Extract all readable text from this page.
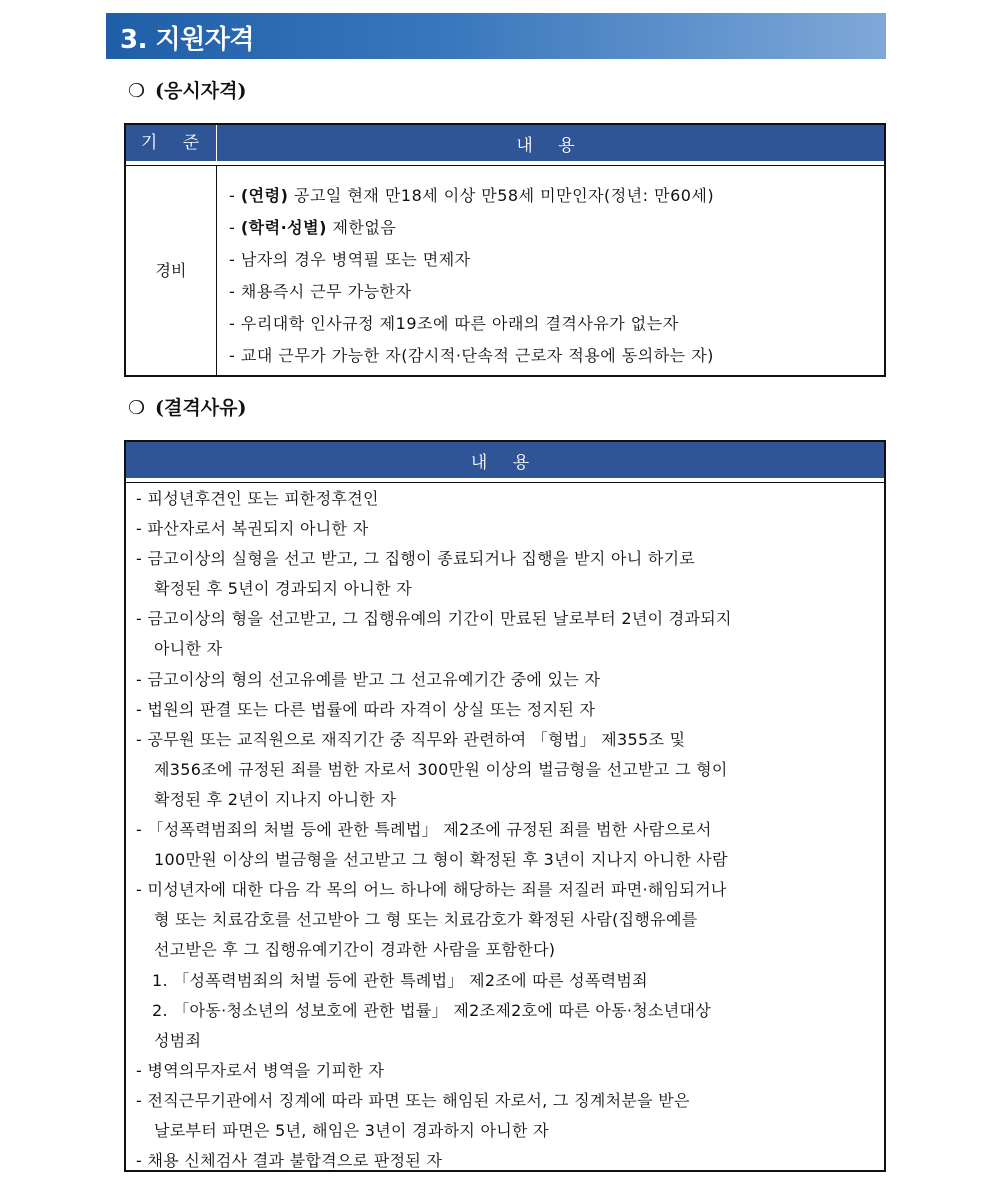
3. 지원자격
❍ (응시자격)
기 준	내 용
경비
- (연령) 공고일 현재 만18세 이상 만58세 미만인자(정년: 만60세)
- (학력·성별) 제한없음
- 남자의 경우 병역필 또는 면제자
- 채용즉시 근무 가능한자
- 우리대학 인사규정 제19조에 따른 아래의 결격사유가 없는자
- 교대 근무가 가능한 자(감시적·단속적 근로자 적용에 동의하는 자)
❍ (결격사유)
내 용
- 피성년후견인 또는 피한정후견인
- 파산자로서 복권되지 아니한 자
- 금고이상의 실형을 선고 받고, 그 집행이 종료되거나 집행을 받지 아니 하기로
확정된 후 5년이 경과되지 아니한 자
- 금고이상의 형을 선고받고, 그 집행유예의 기간이 만료된 날로부터 2년이 경과되지
아니한 자
- 금고이상의 형의 선고유예를 받고 그 선고유예기간 중에 있는 자
- 법원의 판결 또는 다른 법률에 따라 자격이 상실 또는 정지된 자
- 공무원 또는 교직원으로 재직기간 중 직무와 관련하여 「형법」 제355조 및
제356조에 규정된 죄를 범한 자로서 300만원 이상의 벌금형을 선고받고 그 형이
확정된 후 2년이 지나지 아니한 자
- 「성폭력범죄의 처벌 등에 관한 특례법」 제2조에 규정된 죄를 범한 사람으로서
100만원 이상의 벌금형을 선고받고 그 형이 확정된 후 3년이 지나지 아니한 사람
- 미성년자에 대한 다음 각 목의 어느 하나에 해당하는 죄를 저질러 파면·해임되거나
형 또는 치료감호를 선고받아 그 형 또는 치료감호가 확정된 사람(집행유예를
선고받은 후 그 집행유예기간이 경과한 사람을 포함한다)
1. 「성폭력범죄의 처벌 등에 관한 특례법」 제2조에 따른 성폭력범죄
2. 「아동·청소년의 성보호에 관한 법률」 제2조제2호에 따른 아동·청소년대상
성범죄
- 병역의무자로서 병역을 기피한 자
- 전직근무기관에서 징계에 따라 파면 또는 해임된 자로서, 그 징계처분을 받은
날로부터 파면은 5년, 해임은 3년이 경과하지 아니한 자
- 채용 신체검사 결과 불합격으로 판정된 자
